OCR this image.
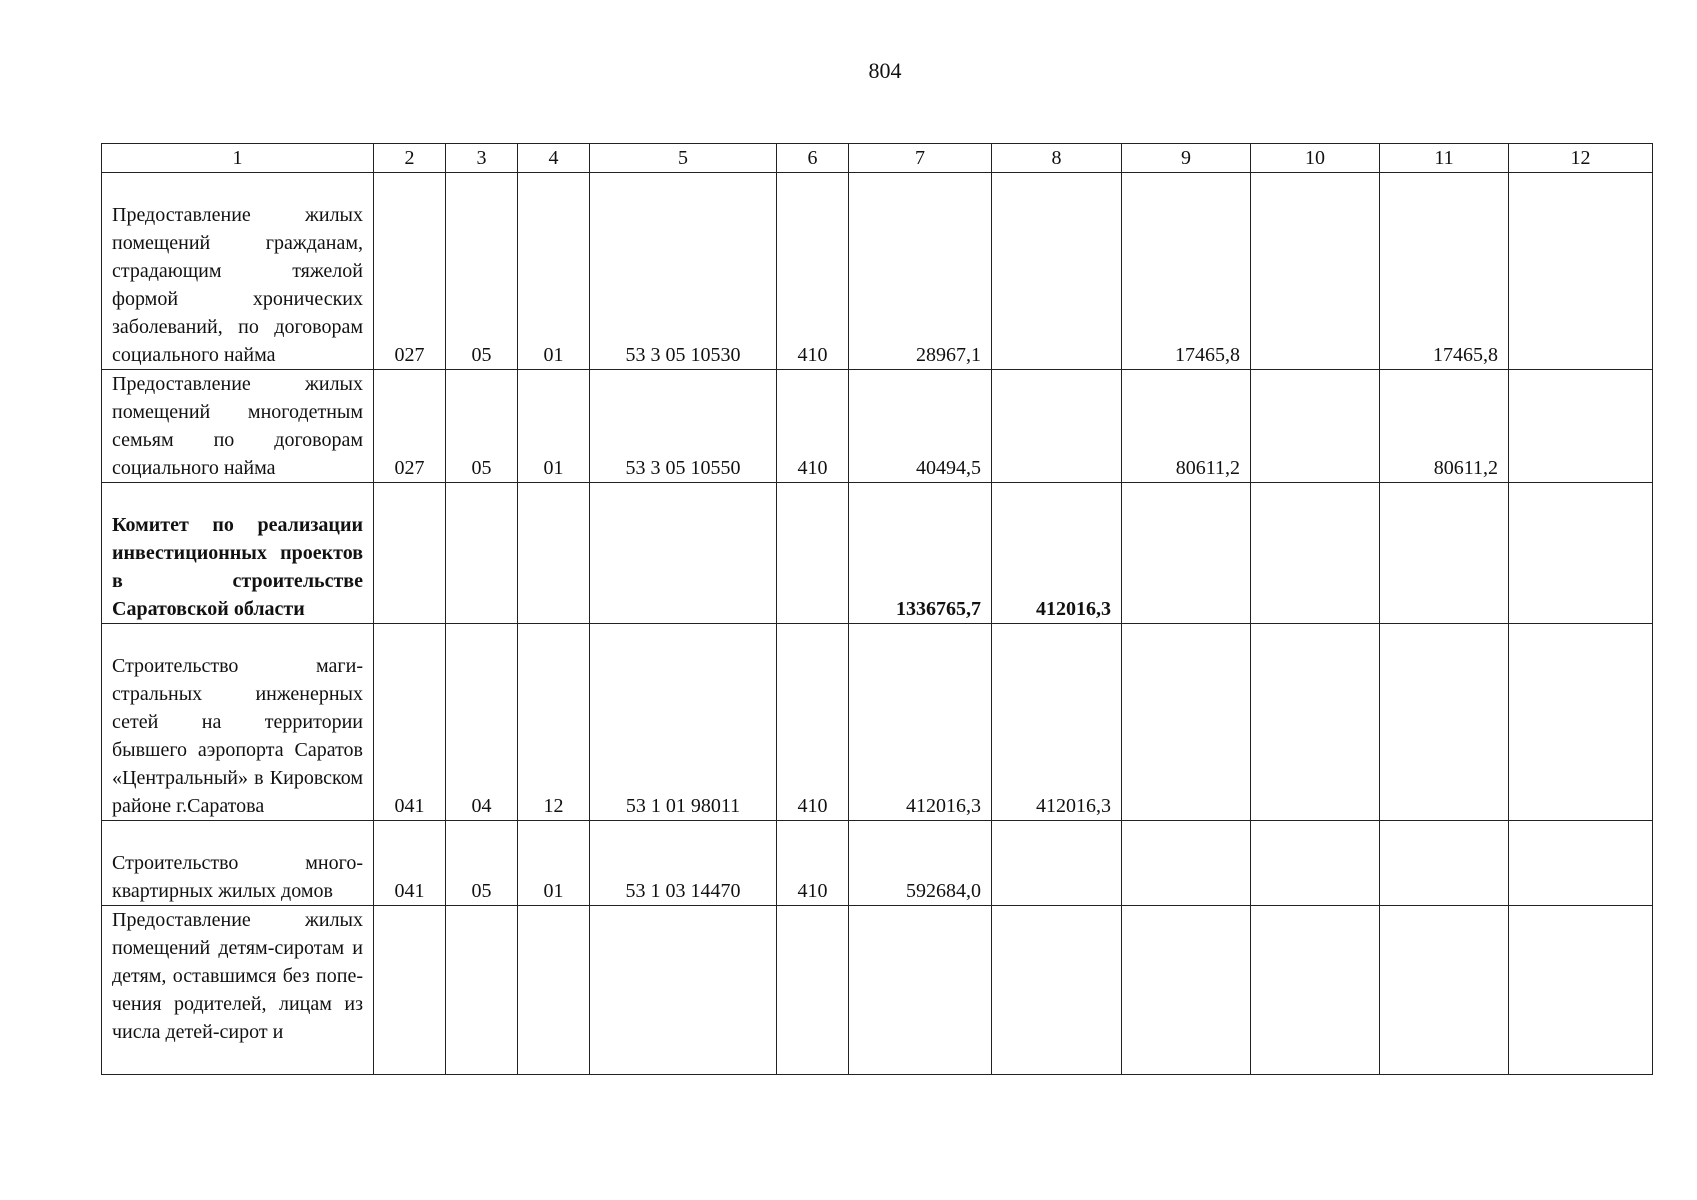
804
1	2	3	4	5	6	7	8	9	10	11	12
Предоставление жилых помещений гражданам, страдающим тяжелой формой хронических заболеваний, по договорам социального найма	027	05	01	53 3 05 10530	410	28967,1		17465,8		17465,8	
Предоставление жилых помещений многодетным семьям по договорам социального найма	027	05	01	53 3 05 10550	410	40494,5		80611,2		80611,2	
Комитет по реализации инвестиционных проектов в строительстве Саратовской области						1336765,7	412016,3				
Строительство магистральных инженерных сетей на территории бывшего аэропорта Саратов «Центральный» в Кировском районе г.Саратова	041	04	12	53 1 01 98011	410	412016,3	412016,3				
Строительство многоквартирных жилых домов	041	05	01	53 1 03 14470	410	592684,0					
Предоставление жилых помещений детям-сиротам и детям, оставшимся без попечения родителей, лицам из числа детей-сирот и											
